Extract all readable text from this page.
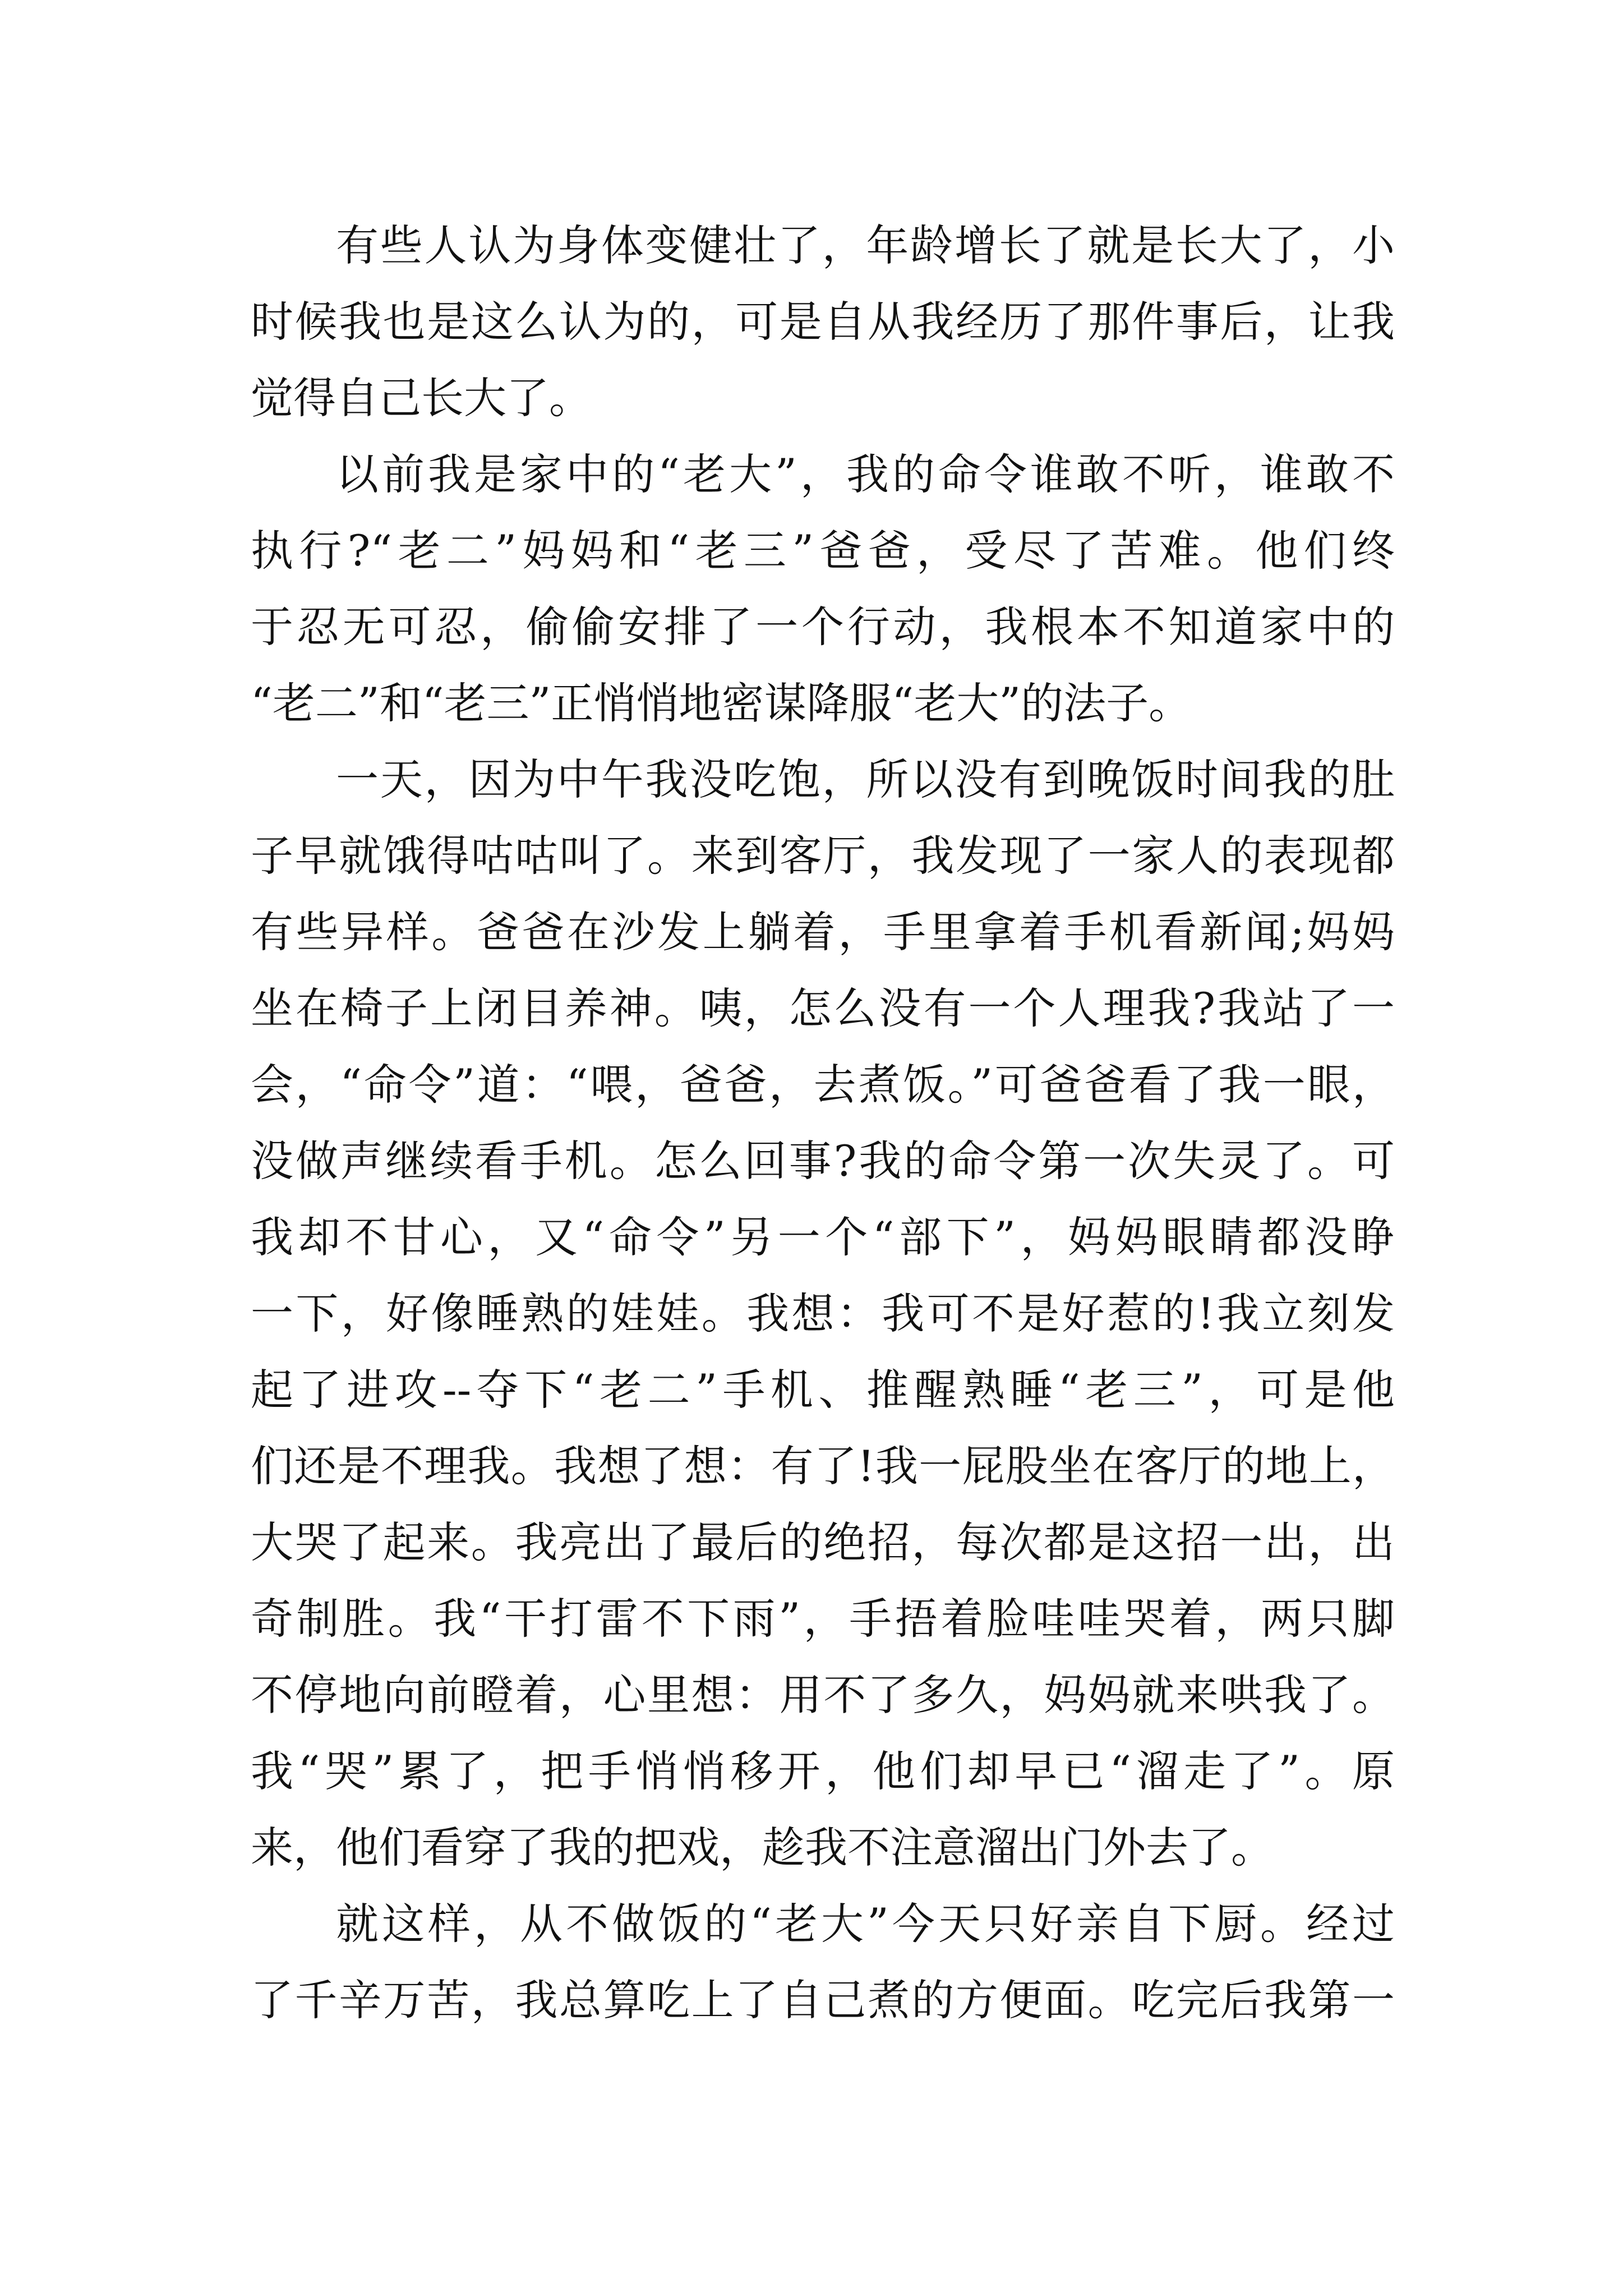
有些人认为身体变健壮了，年龄增长了就是长大了，小
时候我也是这么认为的，可是自从我经历了那件事后，让我
觉得自己长大了。
以前我是家中的“老大”，我的命令谁敢不听，谁敢不
执行?“老二”妈妈和“老三”爸爸，受尽了苦难。他们终
于忍无可忍，偷偷安排了一个行动，我根本不知道家中的
“老二”和“老三”正悄悄地密谋降服“老大”的法子。
一天，因为中午我没吃饱，所以没有到晚饭时间我的肚
子早就饿得咕咕叫了。来到客厅，我发现了一家人的表现都
有些异样。爸爸在沙发上躺着，手里拿着手机看新闻;妈妈
坐在椅子上闭目养神。咦，怎么没有一个人理我?我站了一
会，“命令”道：“喂，爸爸，去煮饭。”可爸爸看了我一眼，
没做声继续看手机。怎么回事?我的命令第一次失灵了。可
我却不甘心，又“命令”另一个“部下”，妈妈眼睛都没睁
一下，好像睡熟的娃娃。我想：我可不是好惹的!我立刻发
起了进攻--夺下“老二”手机、推醒熟睡“老三”，可是他
们还是不理我。我想了想：有了!我一屁股坐在客厅的地上，
大哭了起来。我亮出了最后的绝招，每次都是这招一出，出
奇制胜。我“干打雷不下雨”，手捂着脸哇哇哭着，两只脚
不停地向前瞪着，心里想：用不了多久，妈妈就来哄我了。
我“哭”累了，把手悄悄移开，他们却早已“溜走了”。原
来，他们看穿了我的把戏，趁我不注意溜出门外去了。
就这样，从不做饭的“老大”今天只好亲自下厨。经过
了千辛万苦，我总算吃上了自己煮的方便面。吃完后我第一
